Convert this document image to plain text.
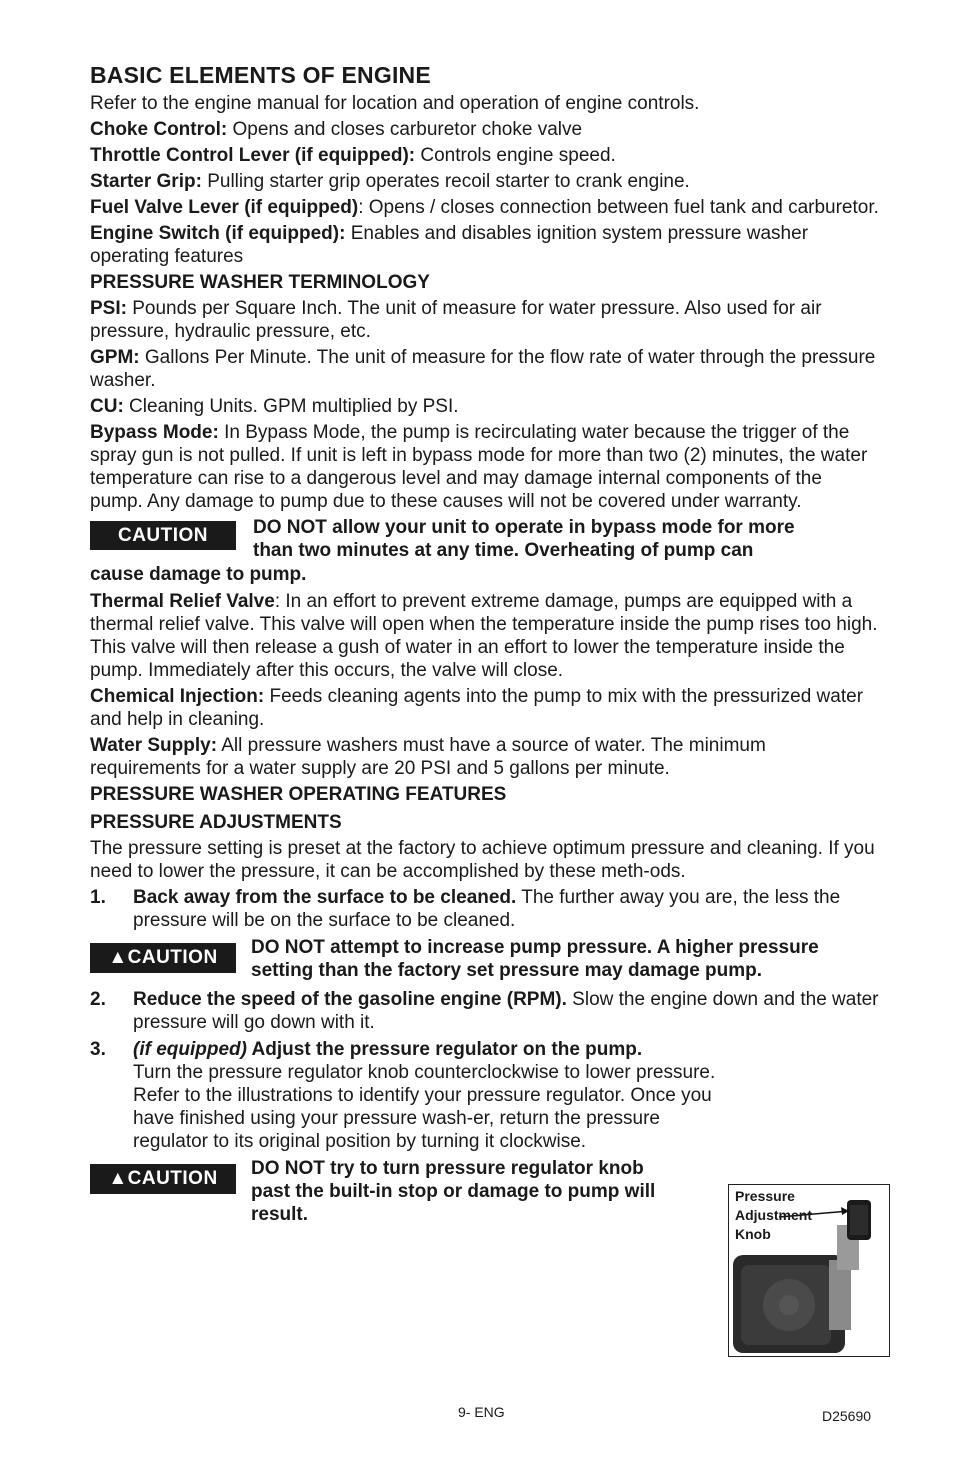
BASIC ELEMENTS OF ENGINE

Refer to the engine manual for location and operation of engine controls.

Choke Control: Opens and closes carburetor choke valve

Throttle Control Lever (if equipped): Controls engine speed.

Starter Grip: Pulling starter grip operates recoil starter to crank engine.

Fuel Valve Lever (if equipped): Opens / closes connection between fuel tank and carburetor.

Engine Switch (if equipped): Enables and disables ignition system pressure washer operating features

PRESSURE WASHER TERMINOLOGY

PSI: Pounds per Square Inch. The unit of measure for water pressure. Also used for air pressure, hydraulic pressure, etc.

GPM: Gallons Per Minute. The unit of measure for the flow rate of water through the pressure washer.

CU: Cleaning Units. GPM multiplied by PSI.

Bypass Mode: In Bypass Mode, the pump is recirculating water because the trigger of the spray gun is not pulled. If unit is left in bypass mode for more than two (2) minutes, the water temperature can rise to a dangerous level and may damage internal components of the pump. Any damage to pump due to these causes will not be covered under warranty.

CAUTION	DO NOT allow your unit to operate in bypass mode for more
than two minutes at any time. Overheating of pump can
cause damage to pump.

Thermal Relief Valve: In an effort to prevent extreme damage, pumps are equipped with a thermal relief valve. This valve will open when the temperature inside the pump rises too high. This valve will then release a gush of water in an effort to lower the temperature inside the pump. Immediately after this occurs, the valve will close.

Chemical Injection: Feeds cleaning agents into the pump to mix with the pressurized water and help in cleaning.

Water Supply: All pressure washers must have a source of water. The minimum requirements for a water supply are 20 PSI and 5 gallons per minute.

PRESSURE WASHER OPERATING FEATURES
PRESSURE ADJUSTMENTS

The pressure setting is preset at the factory to achieve optimum pressure and cleaning. If you need to lower the pressure, it can be accomplished by these meth-ods.

1. Back away from the surface to be cleaned. The further away you are, the less the pressure will be on the surface to be cleaned.
▲CAUTION	DO NOT attempt to increase pump pressure. A higher pressure
setting than the factory set pressure may damage pump.
2. Reduce the speed of the gasoline engine (RPM). Slow the engine down and the water pressure will go down with it.
3. (if equipped) Adjust the pressure regulator on the pump.
Turn the pressure regulator knob counterclockwise to lower pressure. Refer to the illustrations to identify your pressure regulator. Once you have finished using your pressure wash-er, return the pressure regulator to its original position by turning it clockwise.
▲CAUTION	DO NOT try to turn pressure regulator knob
past the built-in stop or damage to pump will
result.
Pressure
Adjustment
Knob
9- ENG	D25690
